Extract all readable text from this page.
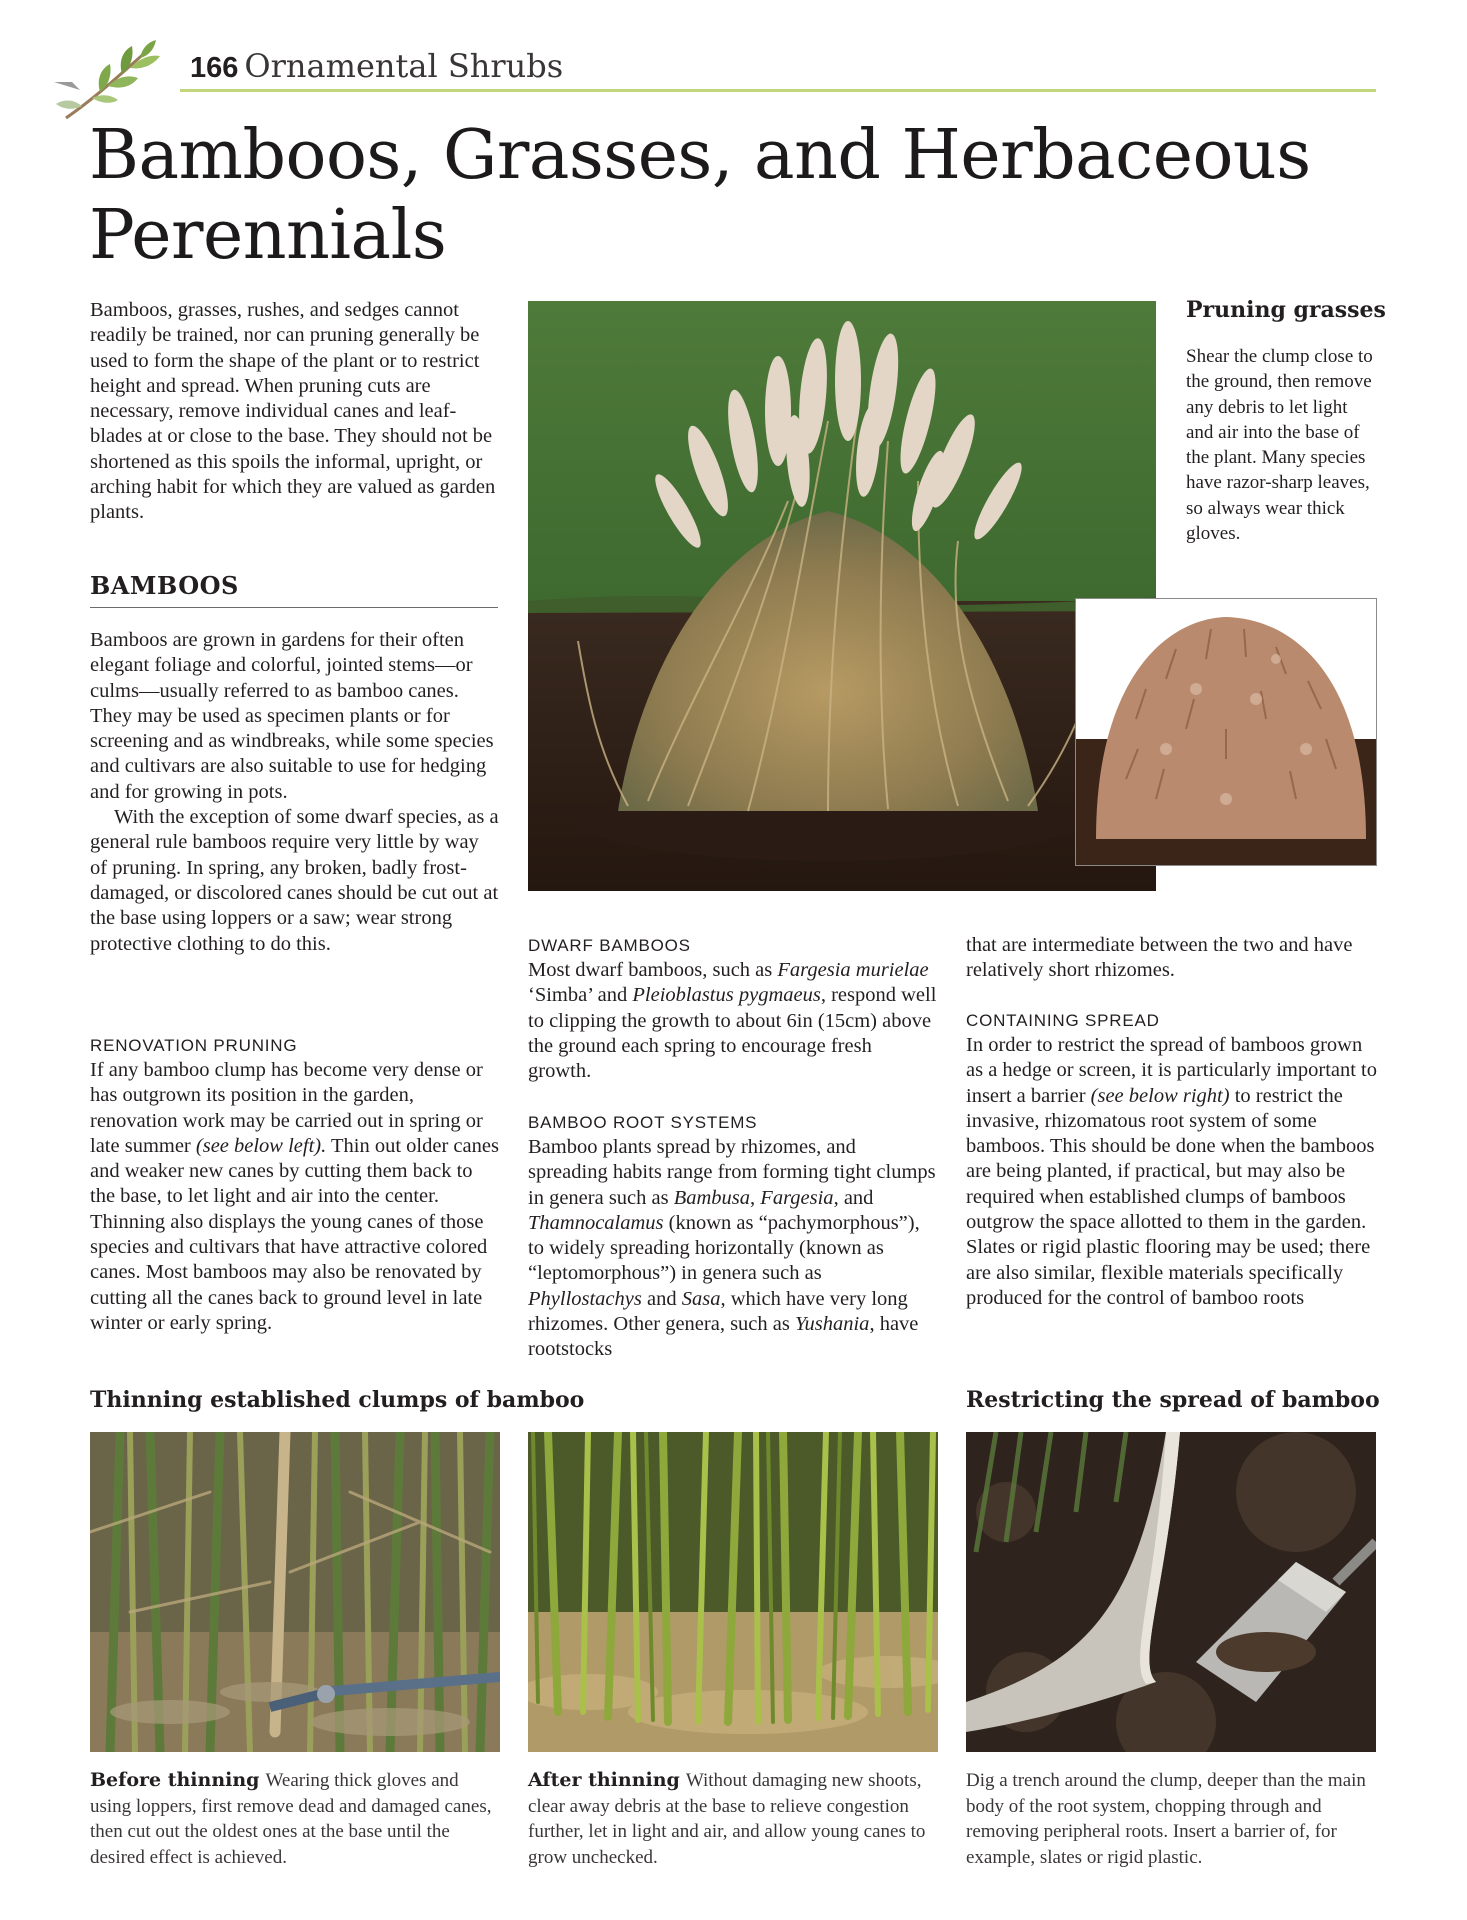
166 Ornamental Shrubs
Bamboos, Grasses, and Herbaceous Perennials

Bamboos, grasses, rushes, and sedges cannot readily be trained, nor can pruning generally be used to form the shape of the plant or to restrict height and spread. When pruning cuts are necessary, remove individual canes and leaf-blades at or close to the base. They should not be shortened as this spoils the informal, upright, or arching habit for which they are valued as garden plants.

BAMBOOS

Bamboos are grown in gardens for their often elegant foliage and colorful, jointed stems—or culms—usually referred to as bamboo canes. They may be used as specimen plants or for screening and as windbreaks, while some species and cultivars are also suitable to use for hedging and for growing in pots.

With the exception of some dwarf species, as a general rule bamboos require very little by way of pruning. In spring, any broken, badly frost-damaged, or discolored canes should be cut out at the base using loppers or a saw; wear strong protective clothing to do this.

RENOVATION PRUNING

If any bamboo clump has become very dense or has outgrown its position in the garden, renovation work may be carried out in spring or late summer (see below left). Thin out older canes and weaker new canes by cutting them back to the base, to let light and air into the center. Thinning also displays the young canes of those species and cultivars that have attractive colored canes. Most bamboos may also be renovated by cutting all the canes back to ground level in late winter or early spring.

Pruning grasses

Shear the clump close to the ground, then remove any debris to let light and air into the base of the plant. Many species have razor-sharp leaves, so always wear thick gloves.

DWARF BAMBOOS

Most dwarf bamboos, such as Fargesia murielae ‘Simba’ and Pleioblastus pygmaeus, respond well to clipping the growth to about 6in (15cm) above the ground each spring to encourage fresh growth.

BAMBOO ROOT SYSTEMS

Bamboo plants spread by rhizomes, and spreading habits range from forming tight clumps in genera such as Bambusa, Fargesia, and Thamnocalamus (known as “pachymorphous”), to widely spreading horizontally (known as “leptomorphous”) in genera such as Phyllostachys and Sasa, which have very long rhizomes. Other genera, such as Yushania, have rootstocks

that are intermediate between the two and have relatively short rhizomes.

CONTAINING SPREAD

In order to restrict the spread of bamboos grown as a hedge or screen, it is particularly important to insert a barrier (see below right) to restrict the invasive, rhizomatous root system of some bamboos. This should be done when the bamboos are being planted, if practical, but may also be required when established clumps of bamboos outgrow the space allotted to them in the garden. Slates or rigid plastic flooring may be used; there are also similar, flexible materials specifically produced for the control of bamboo roots

Thinning established clumps of bamboo	Restricting the spread of bamboo

Before thinning Wearing thick gloves and using loppers, first remove dead and damaged canes, then cut out the oldest ones at the base until the desired effect is achieved.

After thinning Without damaging new shoots, clear away debris at the base to relieve congestion further, let in light and air, and allow young canes to grow unchecked.

Dig a trench around the clump, deeper than the main body of the root system, chopping through and removing peripheral roots. Insert a barrier of, for example, slates or rigid plastic.
